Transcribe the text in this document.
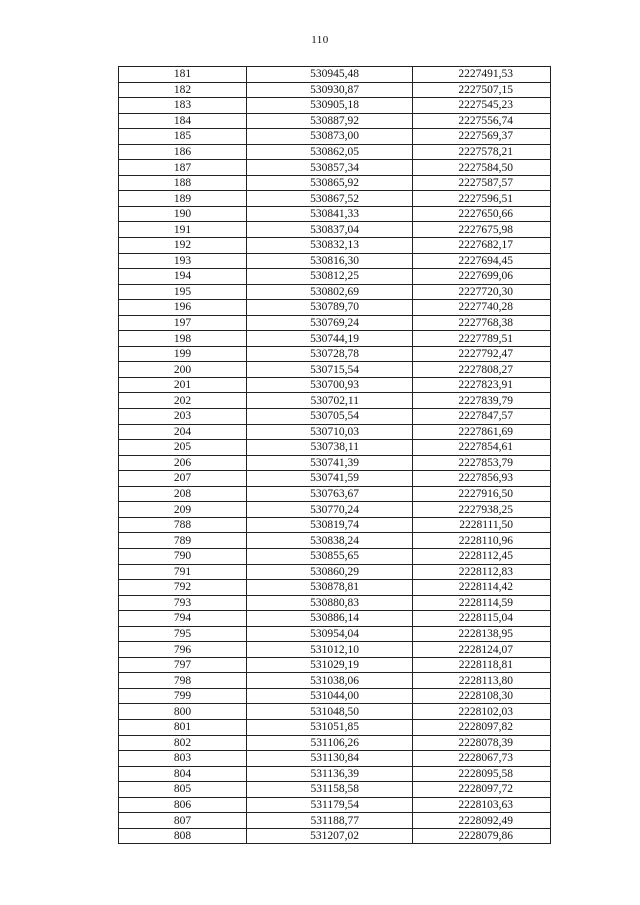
110
181	530945,48	2227491,53
182	530930,87	2227507,15
183	530905,18	2227545,23
184	530887,92	2227556,74
185	530873,00	2227569,37
186	530862,05	2227578,21
187	530857,34	2227584,50
188	530865,92	2227587,57
189	530867,52	2227596,51
190	530841,33	2227650,66
191	530837,04	2227675,98
192	530832,13	2227682,17
193	530816,30	2227694,45
194	530812,25	2227699,06
195	530802,69	2227720,30
196	530789,70	2227740,28
197	530769,24	2227768,38
198	530744,19	2227789,51
199	530728,78	2227792,47
200	530715,54	2227808,27
201	530700,93	2227823,91
202	530702,11	2227839,79
203	530705,54	2227847,57
204	530710,03	2227861,69
205	530738,11	2227854,61
206	530741,39	2227853,79
207	530741,59	2227856,93
208	530763,67	2227916,50
209	530770,24	2227938,25
788	530819,74	2228111,50
789	530838,24	2228110,96
790	530855,65	2228112,45
791	530860,29	2228112,83
792	530878,81	2228114,42
793	530880,83	2228114,59
794	530886,14	2228115,04
795	530954,04	2228138,95
796	531012,10	2228124,07
797	531029,19	2228118,81
798	531038,06	2228113,80
799	531044,00	2228108,30
800	531048,50	2228102,03
801	531051,85	2228097,82
802	531106,26	2228078,39
803	531130,84	2228067,73
804	531136,39	2228095,58
805	531158,58	2228097,72
806	531179,54	2228103,63
807	531188,77	2228092,49
808	531207,02	2228079,86
